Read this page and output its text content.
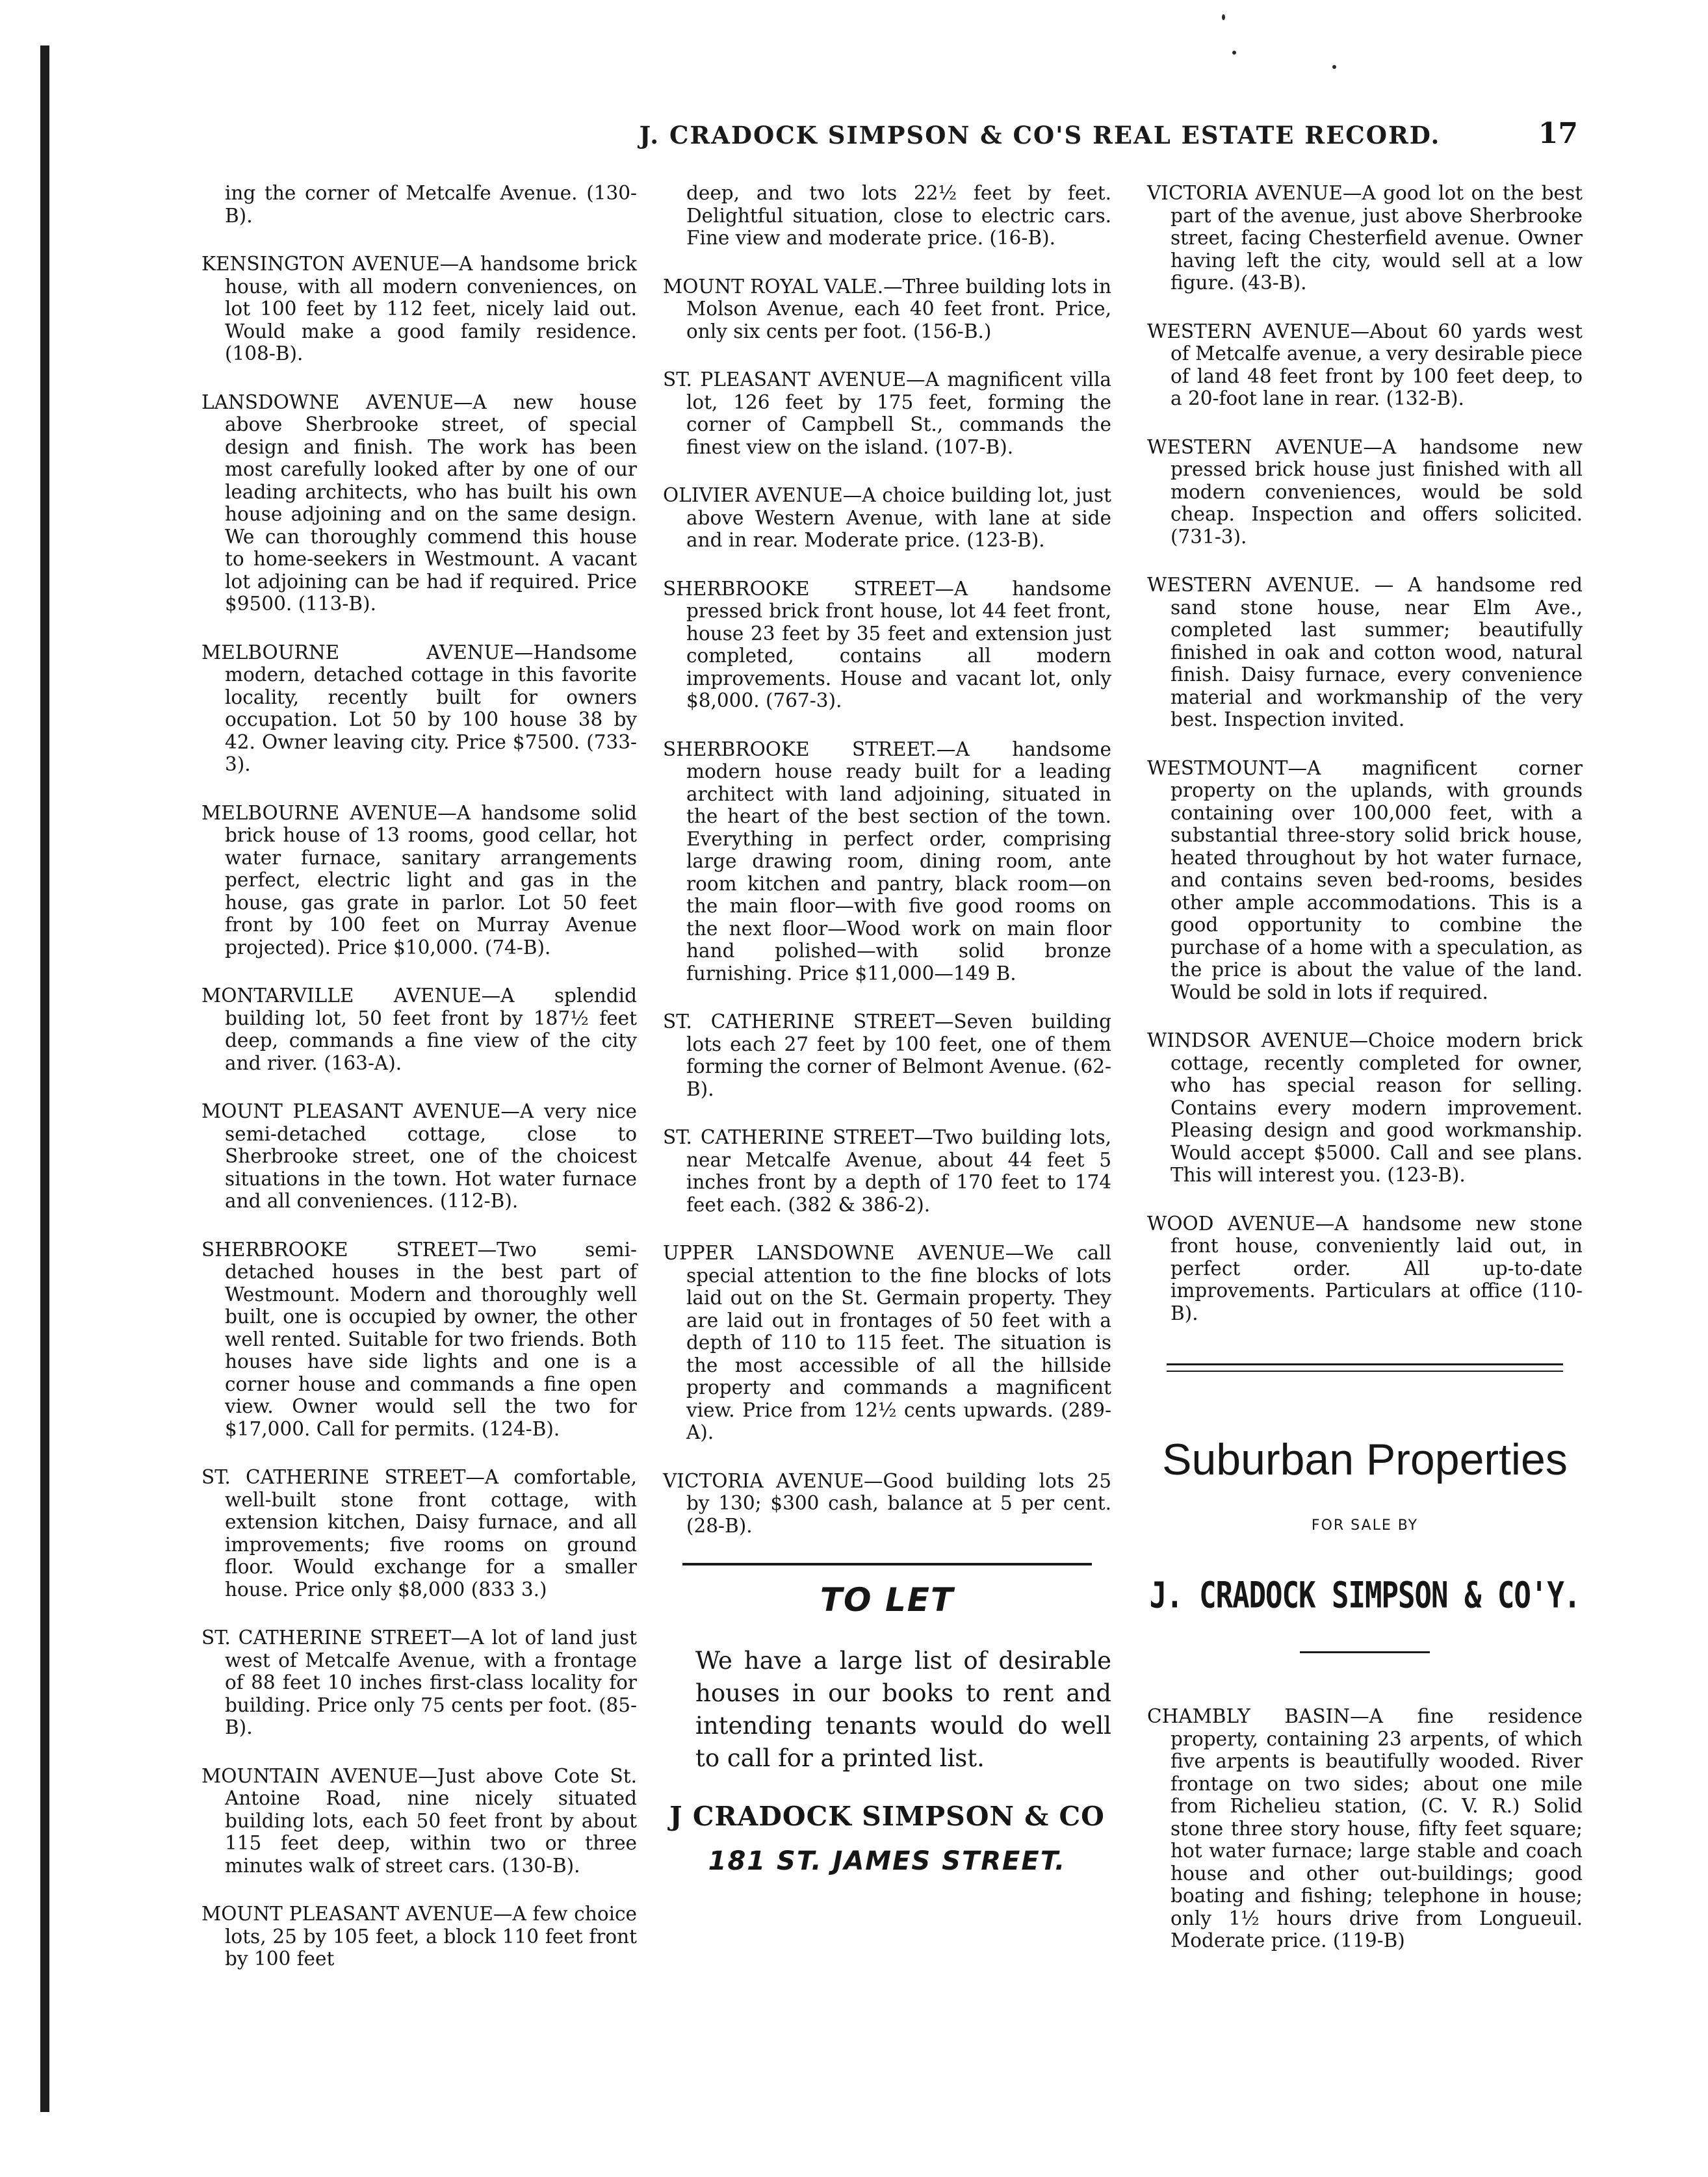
J. CRADOCK SIMPSON & CO'S REAL ESTATE RECORD.	17

ing the corner of Metcalfe Avenue. (130-B).

KENSINGTON AVENUE—A handsome brick house, with all modern conveniences, on lot 100 feet by 112 feet, nicely laid out. Would make a good family residence. (108-B).

LANSDOWNE AVENUE—A new house above Sherbrooke street, of special design and finish. The work has been most carefully looked after by one of our leading architects, who has built his own house adjoining and on the same design. We can thoroughly commend this house to home-seekers in Westmount. A vacant lot adjoining can be had if required. Price $9500. (113-B).

MELBOURNE AVENUE—Handsome modern, detached cottage in this favorite locality, recently built for owners occupation. Lot 50 by 100 house 38 by 42. Owner leaving city. Price $7500. (733-3).

MELBOURNE AVENUE—A handsome solid brick house of 13 rooms, good cellar, hot water furnace, sanitary arrangements perfect, electric light and gas in the house, gas grate in parlor. Lot 50 feet front by 100 feet on Murray Avenue projected). Price $10,000. (74-B).

MONTARVILLE AVENUE—A splendid building lot, 50 feet front by 187½ feet deep, commands a fine view of the city and river. (163-A).

MOUNT PLEASANT AVENUE—A very nice semi-detached cottage, close to Sherbrooke street, one of the choicest situations in the town. Hot water furnace and all conveniences. (112-B).

SHERBROOKE STREET—Two semi-detached houses in the best part of Westmount. Modern and thoroughly well built, one is occupied by owner, the other well rented. Suitable for two friends. Both houses have side lights and one is a corner house and commands a fine open view. Owner would sell the two for $17,000. Call for permits. (124-B).

ST. CATHERINE STREET—A comfortable, well-built stone front cottage, with extension kitchen, Daisy furnace, and all improvements; five rooms on ground floor. Would exchange for a smaller house. Price only $8,000 (833 3.)

ST. CATHERINE STREET—A lot of land just west of Metcalfe Avenue, with a frontage of 88 feet 10 inches first-class locality for building. Price only 75 cents per foot. (85-B).

MOUNTAIN AVENUE—Just above Cote St. Antoine Road, nine nicely situated building lots, each 50 feet front by about 115 feet deep, within two or three minutes walk of street cars. (130-B).

MOUNT PLEASANT AVENUE—A few choice lots, 25 by 105 feet, a block 110 feet front by 100 feet

deep, and two lots 22½ feet by feet. Delightful situation, close to electric cars. Fine view and moderate price. (16-B).

MOUNT ROYAL VALE.—Three building lots in Molson Avenue, each 40 feet front. Price, only six cents per foot. (156-B.)

ST. PLEASANT AVENUE—A magnificent villa lot, 126 feet by 175 feet, forming the corner of Campbell St., commands the finest view on the island. (107-B).

OLIVIER AVENUE—A choice building lot, just above Western Avenue, with lane at side and in rear. Moderate price. (123-B).

SHERBROOKE STREET—A handsome pressed brick front house, lot 44 feet front, house 23 feet by 35 feet and extension just completed, contains all modern improvements. House and vacant lot, only $8,000. (767-3).

SHERBROOKE STREET.—A handsome modern house ready built for a leading architect with land adjoining, situated in the heart of the best section of the town. Everything in perfect order, comprising large drawing room, dining room, ante room kitchen and pantry, black room—on the main floor—with five good rooms on the next floor—Wood work on main floor hand polished—with solid bronze furnishing. Price $11,000—149 B.

ST. CATHERINE STREET—Seven building lots each 27 feet by 100 feet, one of them forming the corner of Belmont Avenue. (62-B).

ST. CATHERINE STREET—Two building lots, near Metcalfe Avenue, about 44 feet 5 inches front by a depth of 170 feet to 174 feet each. (382 & 386-2).

UPPER LANSDOWNE AVENUE—We call special attention to the fine blocks of lots laid out on the St. Germain property. They are laid out in frontages of 50 feet with a depth of 110 to 115 feet. The situation is the most accessible of all the hillside property and commands a magnificent view. Price from 12½ cents upwards. (289-A).

VICTORIA AVENUE—Good building lots 25 by 130; $300 cash, balance at 5 per cent. (28-B).

TO LET
We have a large list of desirable houses in our books to rent and intending tenants would do well to call for a printed list.
J CRADOCK SIMPSON & CO
181 ST. JAMES STREET.

VICTORIA AVENUE—A good lot on the best part of the avenue, just above Sherbrooke street, facing Chesterfield avenue. Owner having left the city, would sell at a low figure. (43-B).

WESTERN AVENUE—About 60 yards west of Metcalfe avenue, a very desirable piece of land 48 feet front by 100 feet deep, to a 20-foot lane in rear. (132-B).

WESTERN AVENUE—A handsome new pressed brick house just finished with all modern conveniences, would be sold cheap. Inspection and offers solicited. (731-3).

WESTERN AVENUE. — A handsome red sand stone house, near Elm Ave., completed last summer; beautifully finished in oak and cotton wood, natural finish. Daisy furnace, every convenience material and workmanship of the very best. Inspection invited.

WESTMOUNT—A magnificent corner property on the uplands, with grounds containing over 100,000 feet, with a substantial three-story solid brick house, heated throughout by hot water furnace, and contains seven bed-rooms, besides other ample accommodations. This is a good opportunity to combine the purchase of a home with a speculation, as the price is about the value of the land. Would be sold in lots if required.

WINDSOR AVENUE—Choice modern brick cottage, recently completed for owner, who has special reason for selling. Contains every modern improvement. Pleasing design and good workmanship. Would accept $5000. Call and see plans. This will interest you. (123-B).

WOOD AVENUE—A handsome new stone front house, conveniently laid out, in perfect order. All up-to-date improvements. Particulars at office (110-B).

Suburban Properties
FOR SALE BY
J. CRADOCK SIMPSON & CO'Y.

CHAMBLY BASIN—A fine residence property, containing 23 arpents, of which five arpents is beautifully wooded. River frontage on two sides; about one mile from Richelieu station, (C. V. R.) Solid stone three story house, fifty feet square; hot water furnace; large stable and coach house and other out-buildings; good boating and fishing; telephone in house; only 1½ hours drive from Longueuil. Moderate price. (119-B)
